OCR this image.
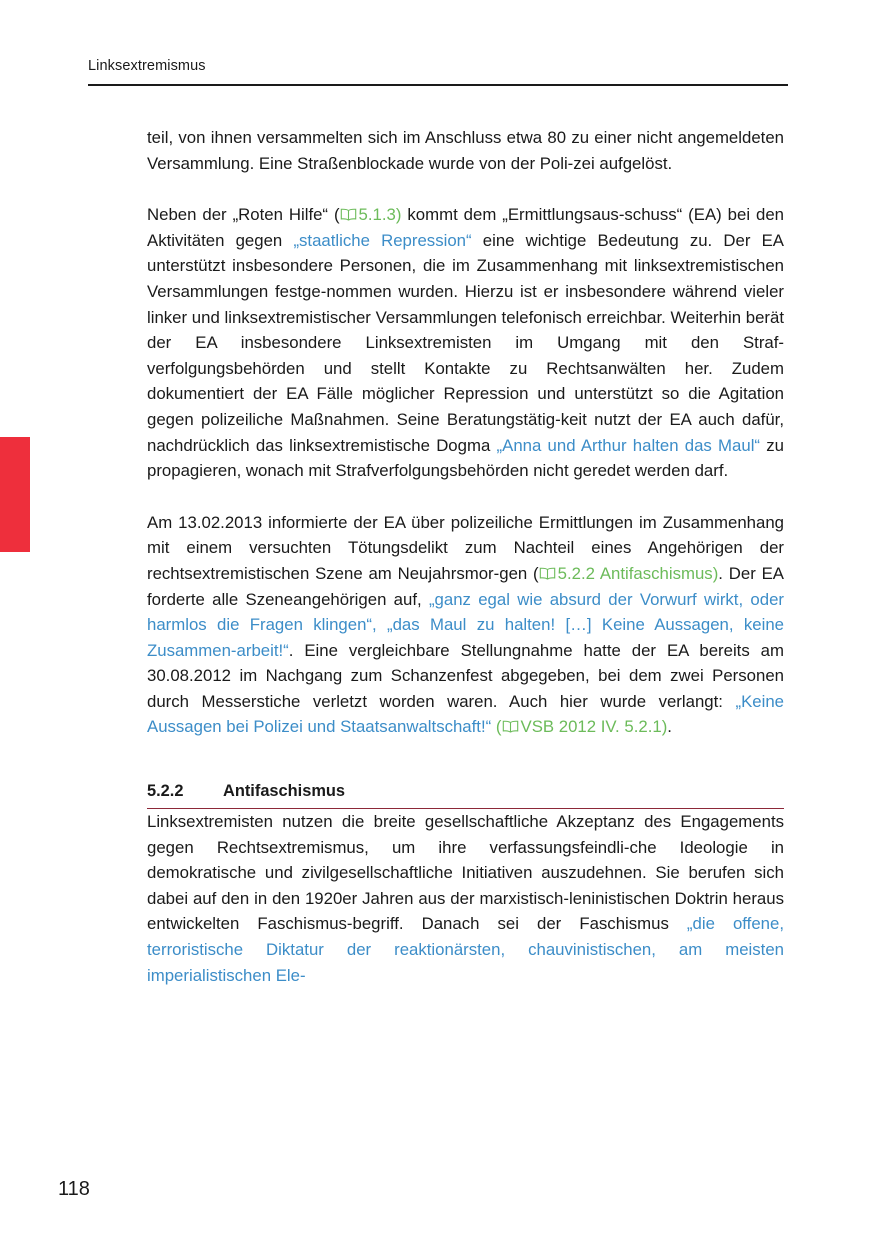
Linksextremismus

teil, von ihnen versammelten sich im Anschluss etwa 80 zu einer nicht angemeldeten Versammlung. Eine Straßenblockade wurde von der Poli-zei aufgelöst.

Neben der „Roten Hilfe“ ( 5.1.3) kommt dem „Ermittlungsaus-schuss“ (EA) bei den Aktivitäten gegen „staatliche Repression“ eine wichtige Bedeutung zu. Der EA unterstützt insbesondere Personen, die im Zusammenhang mit linksextremistischen Versammlungen festge-nommen wurden. Hierzu ist er insbesondere während vieler linker und linksextremistischer Versammlungen telefonisch erreichbar. Weiterhin berät der EA insbesondere Linksextremisten im Umgang mit den Straf-verfolgungsbehörden und stellt Kontakte zu Rechtsanwälten her. Zudem dokumentiert der EA Fälle möglicher Repression und unterstützt so die Agitation gegen polizeiliche Maßnahmen. Seine Beratungstätig-keit nutzt der EA auch dafür, nachdrücklich das linksextremistische Dogma „Anna und Arthur halten das Maul“ zu propagieren, wonach mit Strafverfolgungsbehörden nicht geredet werden darf.

Am 13.02.2013 informierte der EA über polizeiliche Ermittlungen im Zusammenhang mit einem versuchten Tötungsdelikt zum Nachteil eines Angehörigen der rechtsextremistischen Szene am Neujahrsmor-gen ( 5.2.2 Antifaschismus). Der EA forderte alle Szeneangehörigen auf, „ganz egal wie absurd der Vorwurf wirkt, oder harmlos die Fragen klingen“, „das Maul zu halten! […] Keine Aussagen, keine Zusammen-arbeit!“. Eine vergleichbare Stellungnahme hatte der EA bereits am 30.08.2012 im Nachgang zum Schanzenfest abgegeben, bei dem zwei Personen durch Messerstiche verletzt worden waren. Auch hier wurde verlangt: „Keine Aussagen bei Polizei und Staatsanwaltschaft!“ ( VSB 2012 IV. 5.2.1).

5.2.2 Antifaschismus

Linksextremisten nutzen die breite gesellschaftliche Akzeptanz des Engagements gegen Rechtsextremismus, um ihre verfassungsfeindli-che Ideologie in demokratische und zivilgesellschaftliche Initiativen auszudehnen. Sie berufen sich dabei auf den in den 1920er Jahren aus der marxistisch-leninistischen Doktrin heraus entwickelten Faschismus-begriff. Danach sei der Faschismus „die offene, terroristische Diktatur der reaktionärsten, chauvinistischen, am meisten imperialistischen Ele-

118
